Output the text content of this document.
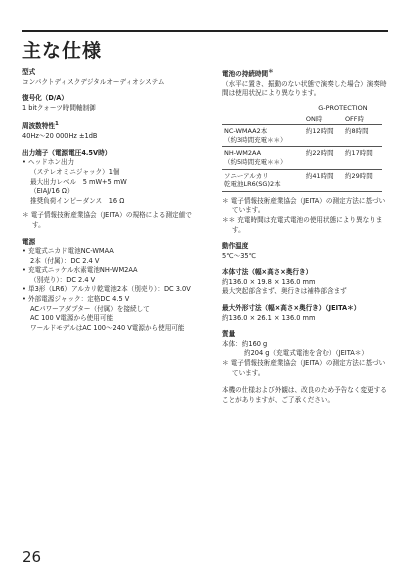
主な仕様
型式
コンパクトディスクデジタルオーディオシステム
復号化（D/A）
1 bitクォーツ時間軸制御
周波数特性$^1$
40Hz〜20 000Hz ±1dB
出力端子（電源電圧4.5V時）
• ヘッドホン出力
（ステレオミニジャック）1個
最大出力レベル　5 mW+5 mW
（EIAJ/16 Ω）
推奨負荷インピーダンス　16 Ω
＊ 電子情報技術産業協会（JEITA）の規格による測定値です。
電源
• 充電式ニカド電池NC-WMAA
2本（付属）：DC 2.4 V
• 充電式ニッケル水素電池NH-WM2AA
（別売り）：DC 2.4 V
• 単3形（LR6）アルカリ乾電池2本（別売り）：DC 3.0V
• 外部電源ジャック：定格DC 4.5 V
ACパワーアダプター（付属）を接続して
AC 100 V電源から使用可能
ワールドモデルはAC 100〜240 V電源から使用可能
電池の持続時間＊
（水平に置き、振動のない状態で演奏した場合）演奏時間は使用状況により異なります。
	G-PROTECTION	
	ON時	OFF時

NC-WMAA2本
（約3時間充電＊＊）	約12時間	約8時間

NH-WM2AA
（約5時間充電＊＊）	約22時間	約17時間

ソニーアルカリ
乾電池LR6(SG)2本	約41時間	約29時間
＊ 電子情報技術産業協会（JEITA）の測定方法に基づいています。
＊＊ 充電時間は充電式電池の使用状態により異なります。
動作温度
5℃〜35℃
本体寸法（幅×高さ×奥行き）
約136.0 × 19.8 × 136.0 mm
最大突起部含まず、奥行きは補枠部含まず
最大外形寸法（幅×高さ×奥行き）（JEITA＊）
約136.0 × 26.1 × 136.0 mm
質量
本体：約160 g
約204 g（充電式電池を含む）（JEITA＊）
＊ 電子情報技術産業協会（JEITA）の測定方法に基づいています。
本機の仕様および外観は、改良のため予告なく変更することがありますが、ご了承ください。
26
